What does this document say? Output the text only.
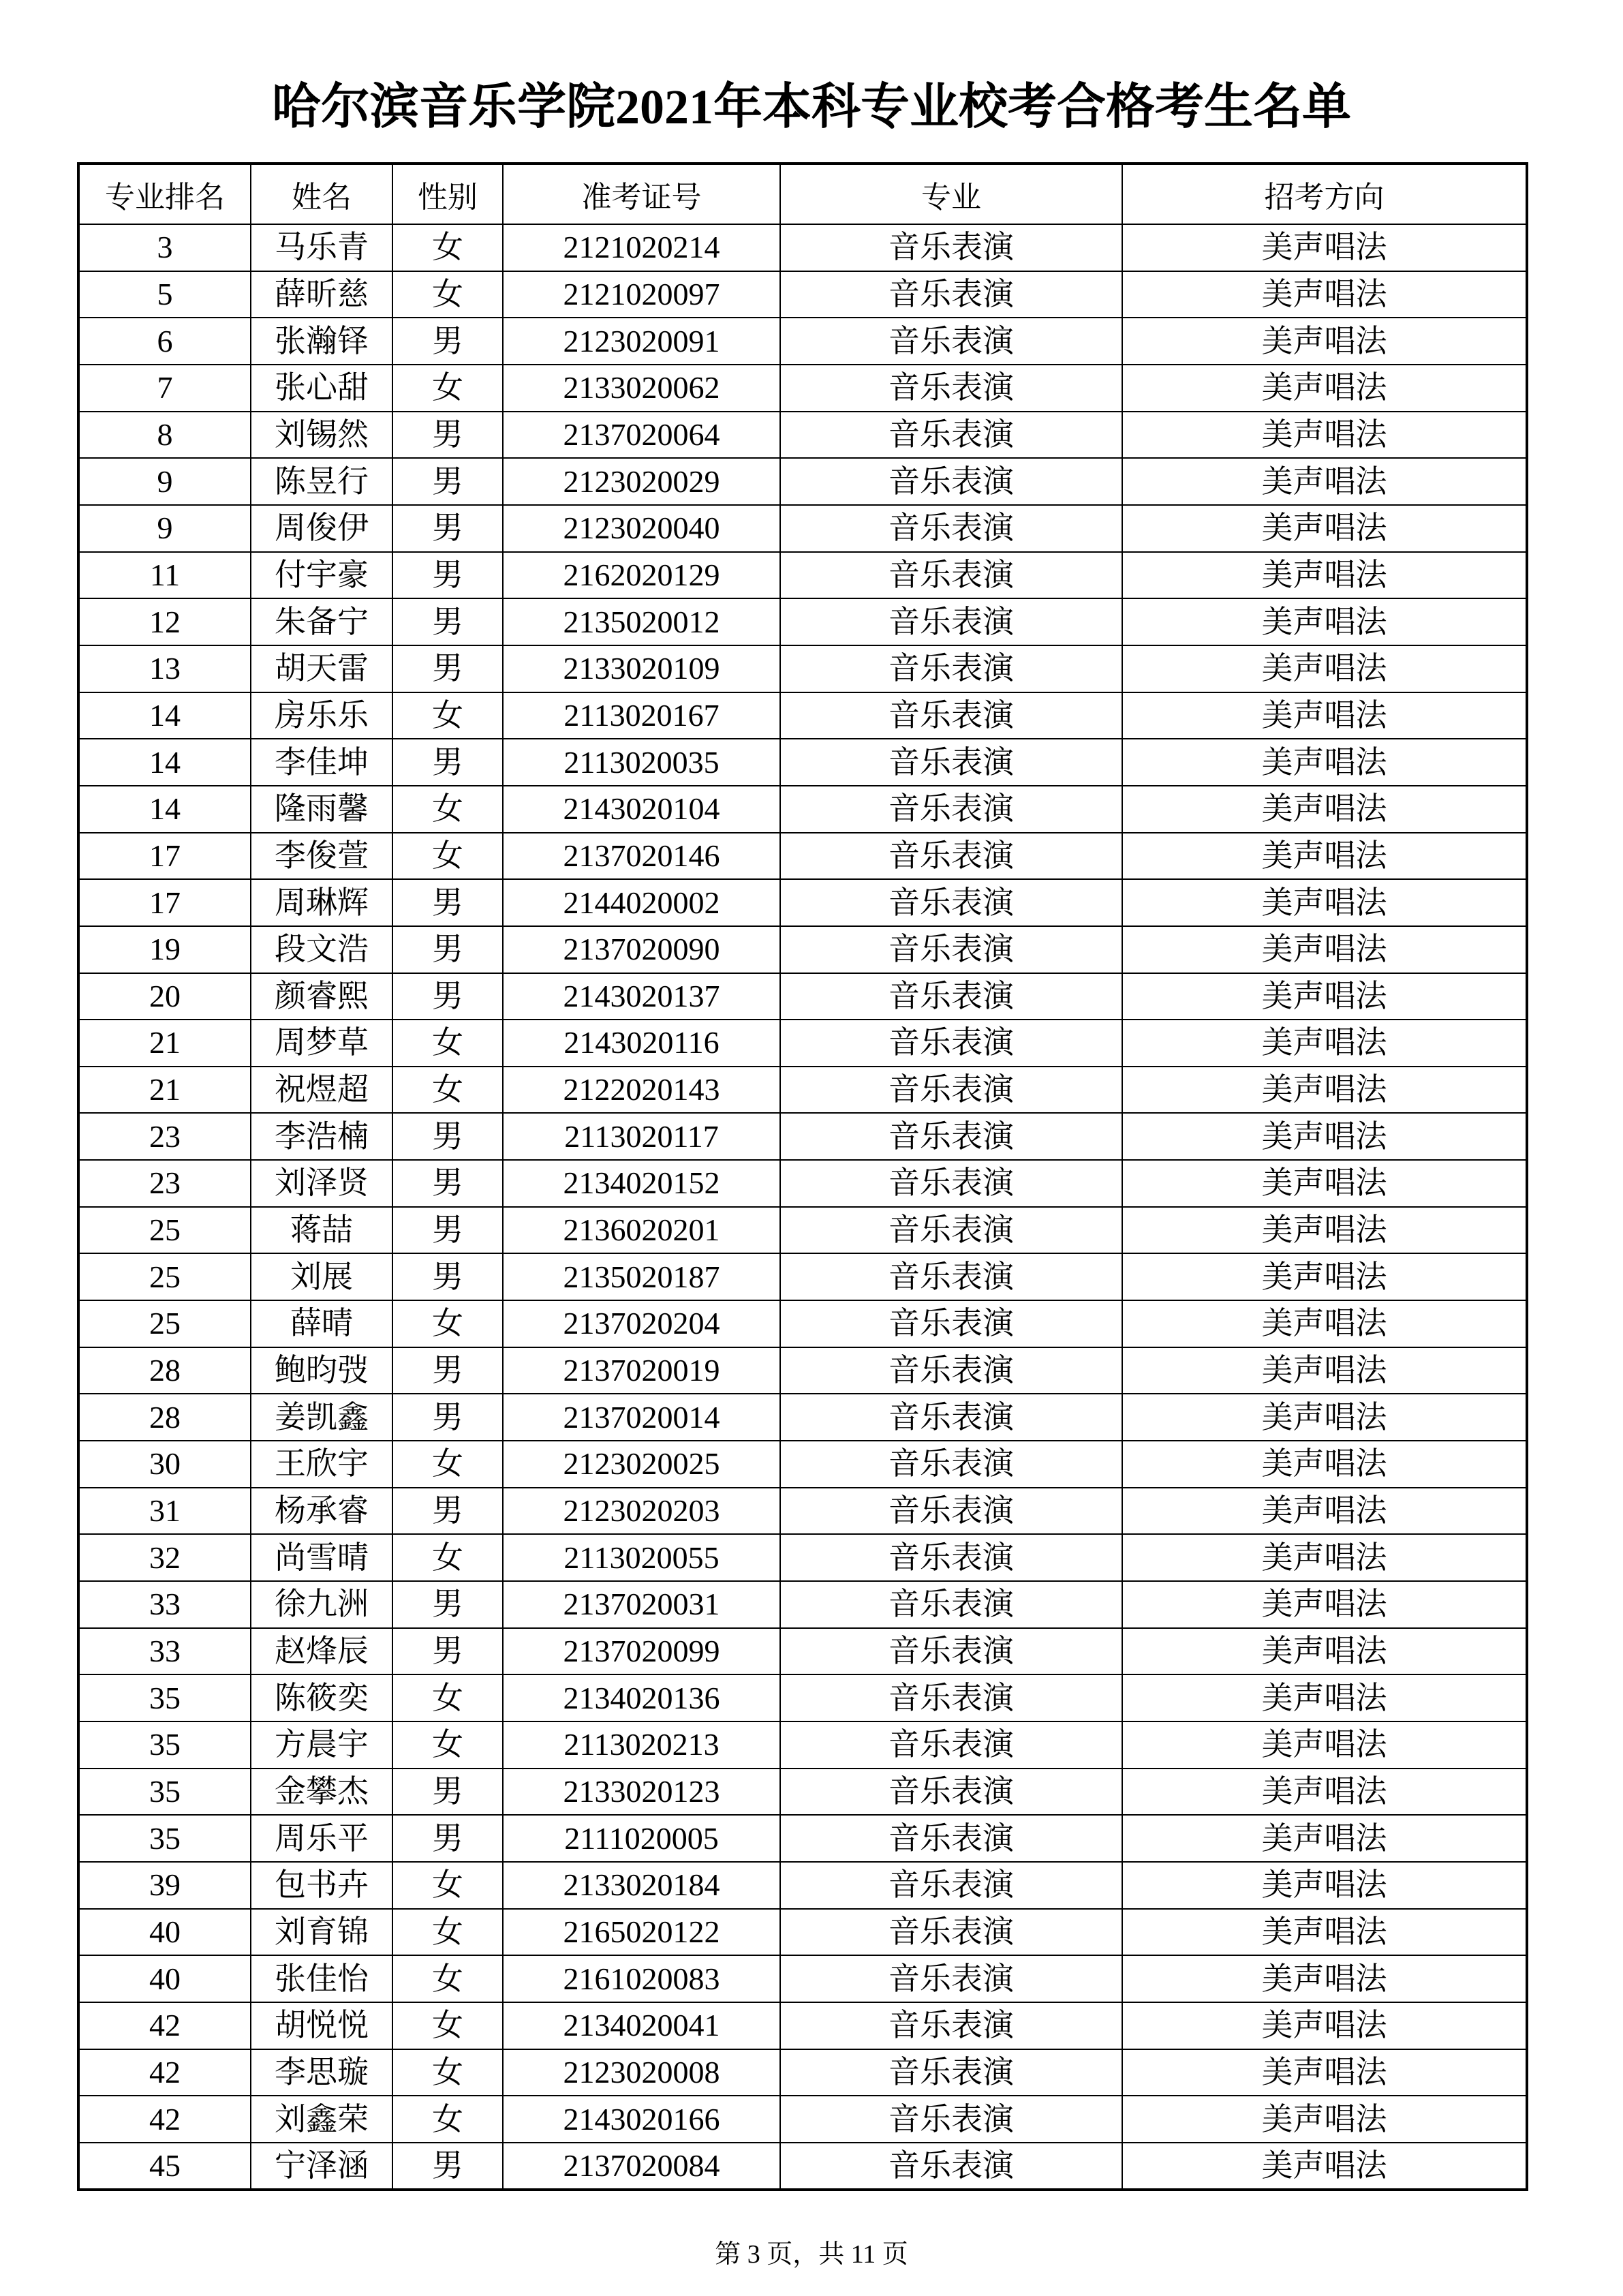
哈尔滨音乐学院2021年本科专业校考合格考生名单
专业排名	姓名	性别	准考证号	专业	招考方向
3	马乐青	女	2121020214	音乐表演	美声唱法
5	薛昕慈	女	2121020097	音乐表演	美声唱法
6	张瀚铎	男	2123020091	音乐表演	美声唱法
7	张心甜	女	2133020062	音乐表演	美声唱法
8	刘锡然	男	2137020064	音乐表演	美声唱法
9	陈昱行	男	2123020029	音乐表演	美声唱法
9	周俊伊	男	2123020040	音乐表演	美声唱法
11	付宇豪	男	2162020129	音乐表演	美声唱法
12	朱备宁	男	2135020012	音乐表演	美声唱法
13	胡天雷	男	2133020109	音乐表演	美声唱法
14	房乐乐	女	2113020167	音乐表演	美声唱法
14	李佳坤	男	2113020035	音乐表演	美声唱法
14	隆雨馨	女	2143020104	音乐表演	美声唱法
17	李俊萱	女	2137020146	音乐表演	美声唱法
17	周琳辉	男	2144020002	音乐表演	美声唱法
19	段文浩	男	2137020090	音乐表演	美声唱法
20	颜睿熙	男	2143020137	音乐表演	美声唱法
21	周梦草	女	2143020116	音乐表演	美声唱法
21	祝煜超	女	2122020143	音乐表演	美声唱法
23	李浩楠	男	2113020117	音乐表演	美声唱法
23	刘泽贤	男	2134020152	音乐表演	美声唱法
25	蒋喆	男	2136020201	音乐表演	美声唱法
25	刘展	男	2135020187	音乐表演	美声唱法
25	薛晴	女	2137020204	音乐表演	美声唱法
28	鲍昀弢	男	2137020019	音乐表演	美声唱法
28	姜凯鑫	男	2137020014	音乐表演	美声唱法
30	王欣宇	女	2123020025	音乐表演	美声唱法
31	杨承睿	男	2123020203	音乐表演	美声唱法
32	尚雪晴	女	2113020055	音乐表演	美声唱法
33	徐九洲	男	2137020031	音乐表演	美声唱法
33	赵烽辰	男	2137020099	音乐表演	美声唱法
35	陈筱奕	女	2134020136	音乐表演	美声唱法
35	方晨宇	女	2113020213	音乐表演	美声唱法
35	金攀杰	男	2133020123	音乐表演	美声唱法
35	周乐平	男	2111020005	音乐表演	美声唱法
39	包书卉	女	2133020184	音乐表演	美声唱法
40	刘育锦	女	2165020122	音乐表演	美声唱法
40	张佳怡	女	2161020083	音乐表演	美声唱法
42	胡悦悦	女	2134020041	音乐表演	美声唱法
42	李思璇	女	2123020008	音乐表演	美声唱法
42	刘鑫荣	女	2143020166	音乐表演	美声唱法
45	宁泽涵	男	2137020084	音乐表演	美声唱法
第 3 页，共 11 页
